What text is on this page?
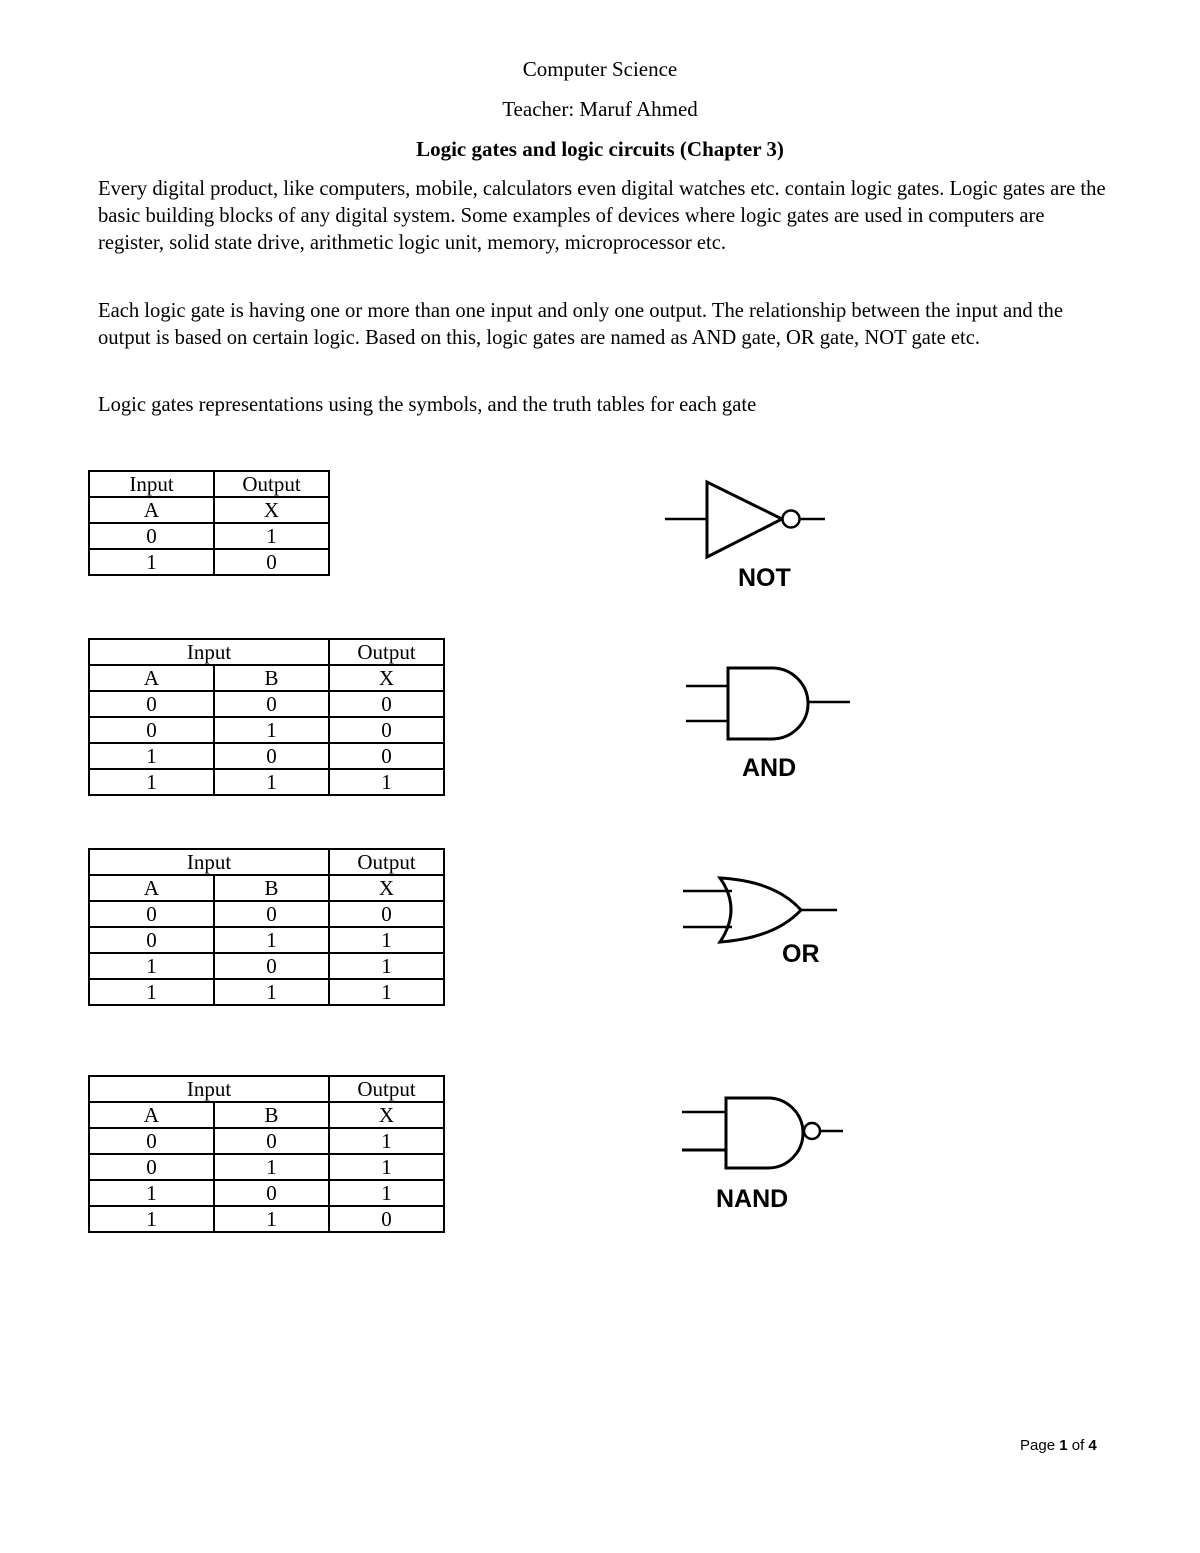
Computer Science
Teacher: Maruf Ahmed
Logic gates and logic circuits (Chapter 3)

Every digital product, like computers, mobile, calculators even digital watches etc. contain logic gates. Logic gates are the basic building blocks of any digital system. Some examples of devices where logic gates are used in computers are register, solid state drive, arithmetic logic unit, memory, microprocessor etc.

Each logic gate is having one or more than one input and only one output. The relationship between the input and the output is based on certain logic. Based on this, logic gates are named as AND gate, OR gate, NOT gate etc.

Logic gates representations using the symbols, and the truth tables for each gate

Input	Output
A	X
0	1
1	0
Input		Output
A	B	X
0	0	0
0	1	0
1	0	0
1	1	1
Input		Output
A	B	X
0	0	0
0	1	1
1	0	1
1	1	1
Input		Output
A	B	X
0	0	1
0	1	1
1	0	1
1	1	0
NOT
AND
OR
NAND
Page 1 of 4
